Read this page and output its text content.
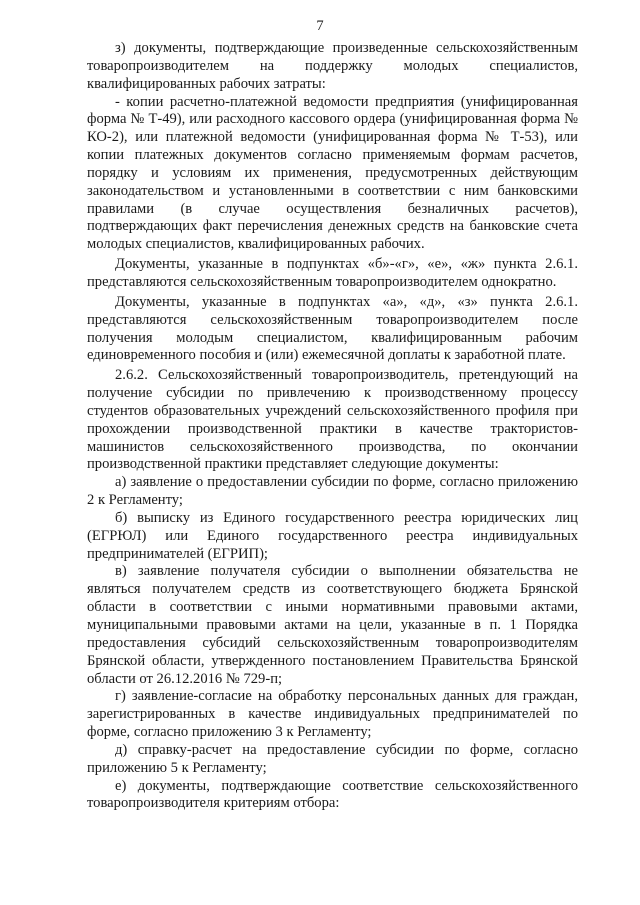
7

з) документы, подтверждающие произведенные сельскохозяйственным товаропроизводителем на поддержку молодых специалистов, квалифицированных рабочих затраты:

- копии расчетно-платежной ведомости предприятия (унифицированная форма № Т-49), или расходного кассового ордера (унифицированная форма № КО-2), или платежной ведомости (унифицированная форма № Т-53), или копии платежных документов согласно применяемым формам расчетов, порядку и условиям их применения, предусмотренных действующим законодательством и установленными в соответствии с ним банковскими правилами (в случае осуществления безналичных расчетов), подтверждающих факт перечисления денежных средств на банковские счета молодых специалистов, квалифицированных рабочих.

Документы, указанные в подпунктах «б»-«г», «е», «ж» пункта 2.6.1. представляются сельскохозяйственным товаропроизводителем однократно.

Документы, указанные в подпунктах «а», «д», «з» пункта 2.6.1. представляются сельскохозяйственным товаропроизводителем после получения молодым специалистом, квалифицированным рабочим единовременного пособия и (или) ежемесячной доплаты к заработной плате.

2.6.2. Сельскохозяйственный товаропроизводитель, претендующий на получение субсидии по привлечению к производственному процессу студентов образовательных учреждений сельскохозяйственного профиля при прохождении производственной практики в качестве трактористов-машинистов сельскохозяйственного производства, по окончании производственной практики представляет следующие документы:

а) заявление о предоставлении субсидии по форме, согласно приложению 2 к Регламенту;

б) выписку из Единого государственного реестра юридических лиц (ЕГРЮЛ) или Единого государственного реестра индивидуальных предпринимателей (ЕГРИП);

в) заявление получателя субсидии о выполнении обязательства не являться получателем средств из соответствующего бюджета Брянской области в соответствии с иными нормативными правовыми актами, муниципальными правовыми актами на цели, указанные в п. 1 Порядка предоставления субсидий сельскохозяйственным товаропроизводителям Брянской области, утвержденного постановлением Правительства Брянской области от 26.12.2016 № 729-п;

г) заявление-согласие на обработку персональных данных для граждан, зарегистрированных в качестве индивидуальных предпринимателей по форме, согласно приложению 3 к Регламенту;

д) справку-расчет на предоставление субсидии по форме, согласно приложению 5 к Регламенту;

е) документы, подтверждающие соответствие сельскохозяйственного товаропроизводителя критериям отбора:
